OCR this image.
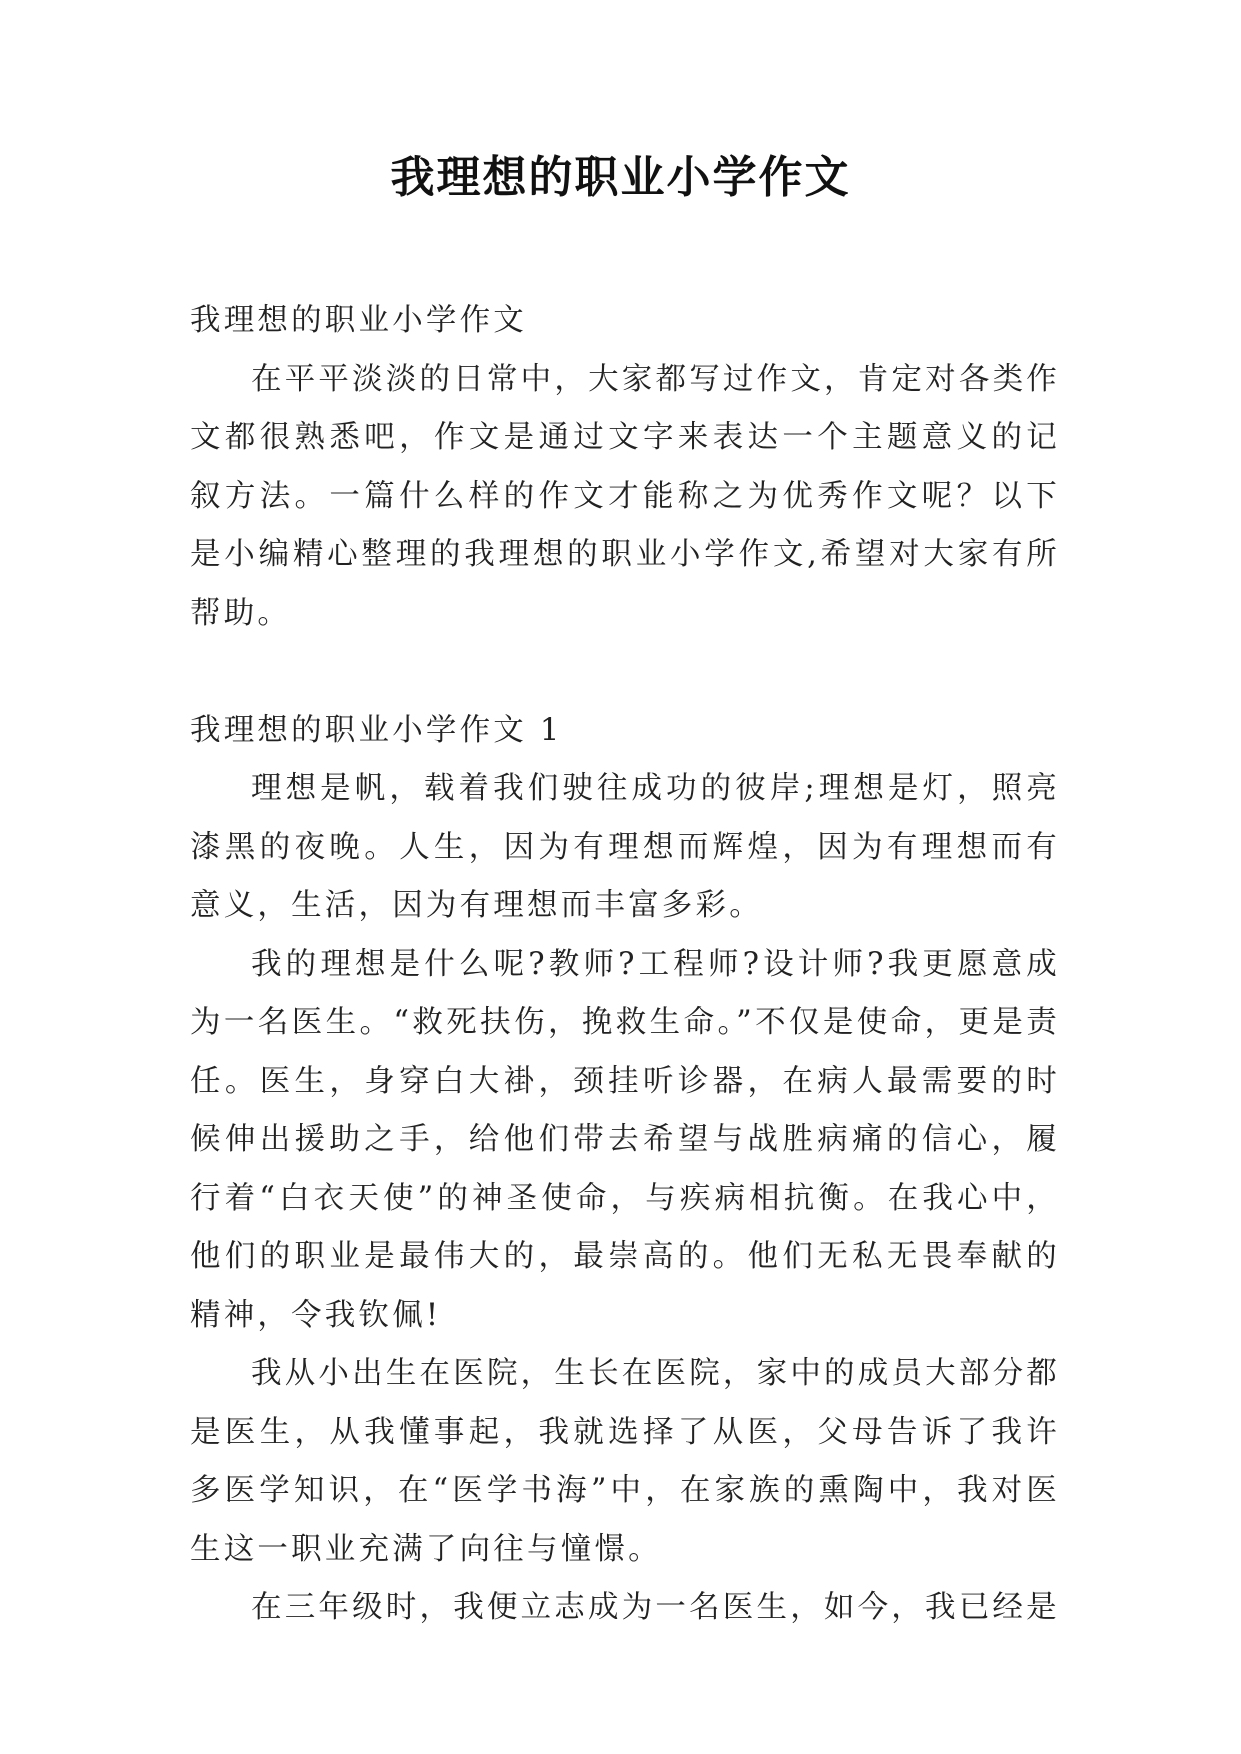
我理想的职业小学作文

我理想的职业小学作文

在平平淡淡的日常中，大家都写过作文，肯定对各类作文都很熟悉吧，作文是通过文字来表达一个主题意义的记叙方法。一篇什么样的作文才能称之为优秀作文呢？以下是小编精心整理的我理想的职业小学作文,希望对大家有所帮助。

我理想的职业小学作文 1

理想是帆，载着我们驶往成功的彼岸;理想是灯，照亮漆黑的夜晚。人生，因为有理想而辉煌，因为有理想而有意义，生活，因为有理想而丰富多彩。

我的理想是什么呢?教师?工程师?设计师?我更愿意成为一名医生。“救死扶伤，挽救生命。”不仅是使命，更是责任。医生，身穿白大褂，颈挂听诊器，在病人最需要的时候伸出援助之手，给他们带去希望与战胜病痛的信心，履行着“白衣天使”的神圣使命，与疾病相抗衡。在我心中，他们的职业是最伟大的，最崇高的。他们无私无畏奉献的精神，令我钦佩!

我从小出生在医院，生长在医院，家中的成员大部分都是医生，从我懂事起，我就选择了从医，父母告诉了我许多医学知识，在“医学书海”中，在家族的熏陶中，我对医生这一职业充满了向往与憧憬。

在三年级时，我便立志成为一名医生，如今，我已经是
